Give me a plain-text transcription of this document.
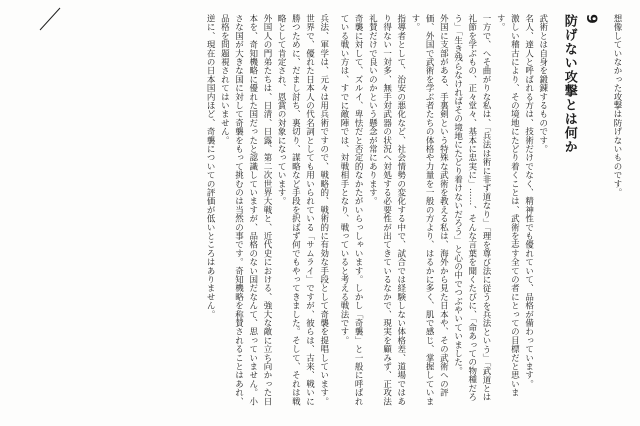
想像していなかった攻撃は防げないものです。

9
防げない攻撃とは何か

武術とは自身を鍛錬するものです。

名人、達人と呼ばれる方は、技術だけでなく、精神性でも優れていて、品格が備わっています。

激しい稽古により、その境地にたどり着くことは、武術を志す全ての者にとっての目標だと思います。

一方で、へそ曲がりな私は、「兵法は術に非ず道なり」「理を尊び法に従うを兵法という」「武道とは礼節を学ぶもの、正々堂々、基本に忠実に」……、そんな言葉を聞くたびに、「命あっての物種だろう」「生き残らなければその境地にたどり着けないだろう」と心の中でつぶやいていました。

外国に支部がある、手裏剣という特殊な武術を教える私は、海外から見た日本や、その武術への評価、外国で武術を学ぶ者たちの体格や力量を一般の方より、はるかに多く、肌で感じ、掌握しています。

指導者として、治安の悪化など、社会情勢の変化する中で、試合では経験しない体格差、道場ではあり得ない一対多、無手対武器の状況へ対処する必要性が出てきているなかで、現実を顧みず、正攻法礼賛だけで良いのかという懸念が常にあります。

奇襲に対して、ズルイ、卑怯だと否定的なかたがいらっしゃいます。しかし「奇襲」と一般に呼ばれている戦い方は、すでに敵陣では、対戦相手となり、戦っていると考える戦法です。

兵法、軍学は、元々は用兵術ですので、戦略的、戦術的に有効な手段として奇襲を提唱しています。

世界で、優れた日本人の代名詞としても用いられている「サムライ」ですが、彼らは、古来、戦いに勝つために、だまし討ち、裏切り、謀略など手段を択ばず何でもやってきました。そして、それは戦略として肯定され、恩賞の対象になっています。

外国人の門弟たちは、日清、日露、第二次世界大戦と、近代史における、強大な敵に立ち向かった日本を、奇知機略に優れた国だったと認識していますが、品格のない国だなんて、思っていません。小さな国が大きな国に対して奇襲をもって挑むのは当然の事です。奇知機略を称賛されることはあれ、品格を問題視されてはいません。

逆に、現在の日本国内ほど、奇襲についての評価が低いところはありません。
